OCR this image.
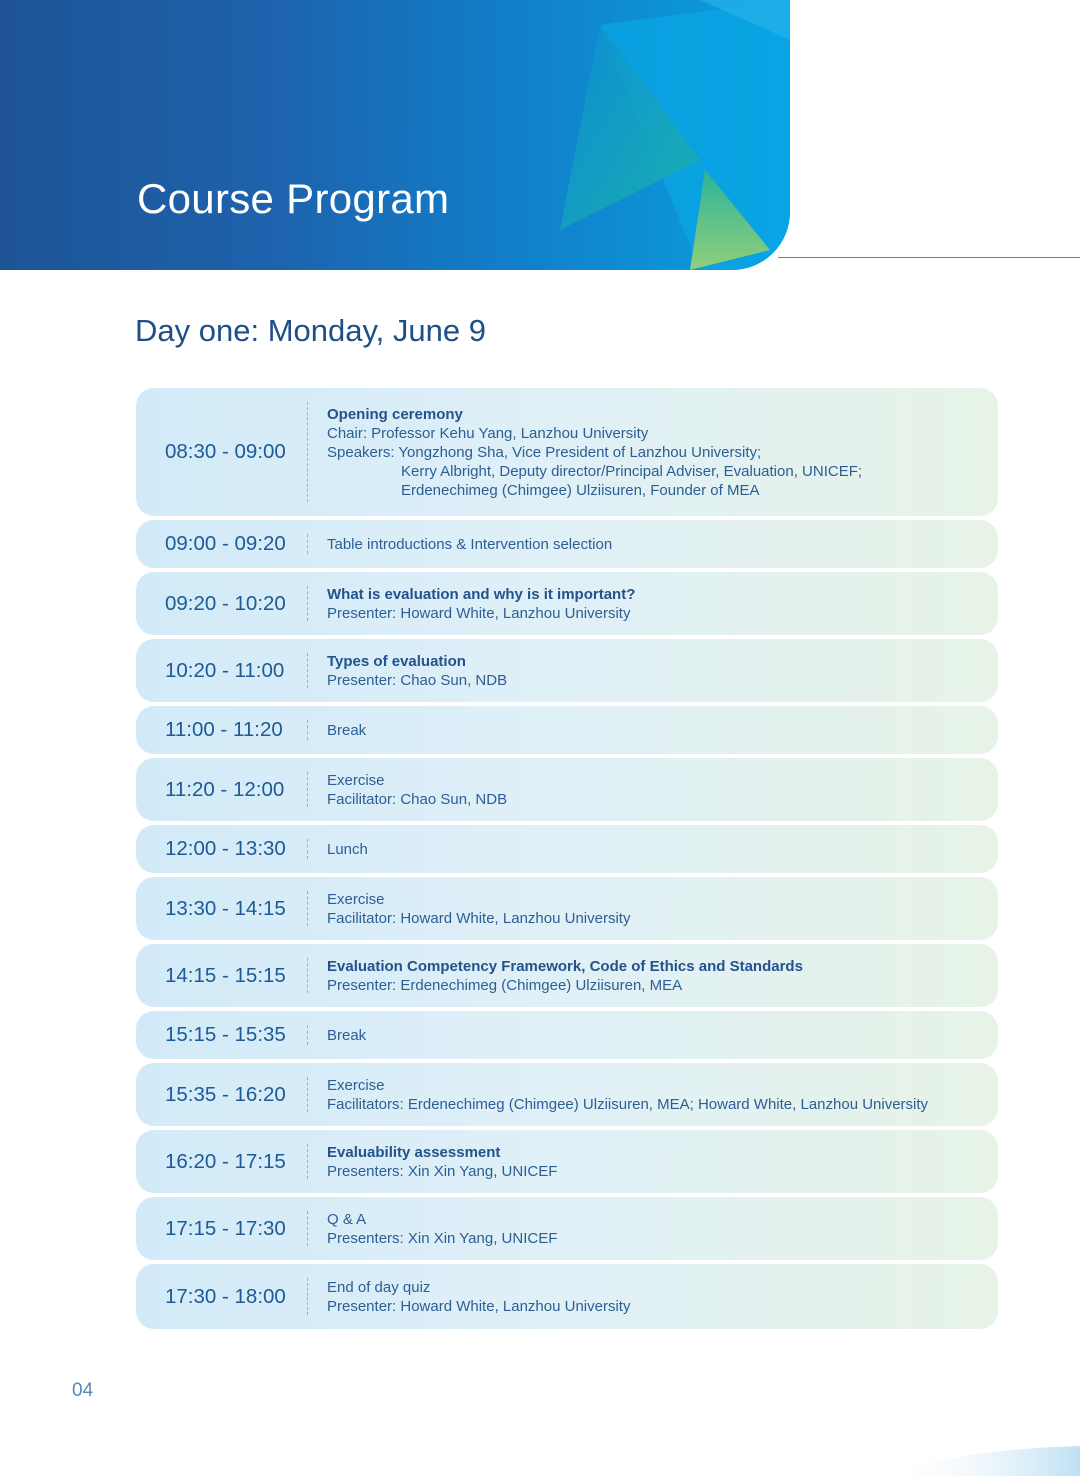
Course Program
Day one: Monday, June 9
08:30 - 09:00
Opening ceremony
Chair: Professor Kehu Yang, Lanzhou University
Speakers: Yongzhong Sha, Vice President of Lanzhou University;
Kerry Albright, Deputy director/Principal Adviser, Evaluation, UNICEF;
Erdenechimeg (Chimgee) Ulziisuren, Founder of MEA
09:00 - 09:20	Table introductions & Intervention selection
09:20 - 10:20	What is evaluation and why is it important?
Presenter: Howard White, Lanzhou University
10:20 - 11:00	Types of evaluation
Presenter: Chao Sun, NDB
11:00 - 11:20	Break
11:20 - 12:00	Exercise
Facilitator: Chao Sun, NDB
12:00 - 13:30	Lunch
13:30 - 14:15	Exercise
Facilitator: Howard White, Lanzhou University
14:15 - 15:15	Evaluation Competency Framework, Code of Ethics and Standards
Presenter: Erdenechimeg (Chimgee) Ulziisuren, MEA
15:15 - 15:35	Break
15:35 - 16:20	Exercise
Facilitators: Erdenechimeg (Chimgee) Ulziisuren, MEA; Howard White, Lanzhou University
16:20 - 17:15	Evaluability assessment
Presenters: Xin Xin Yang, UNICEF
17:15 - 17:30	Q & A
Presenters: Xin Xin Yang, UNICEF
17:30 - 18:00	End of day quiz
Presenter: Howard White, Lanzhou University
04
